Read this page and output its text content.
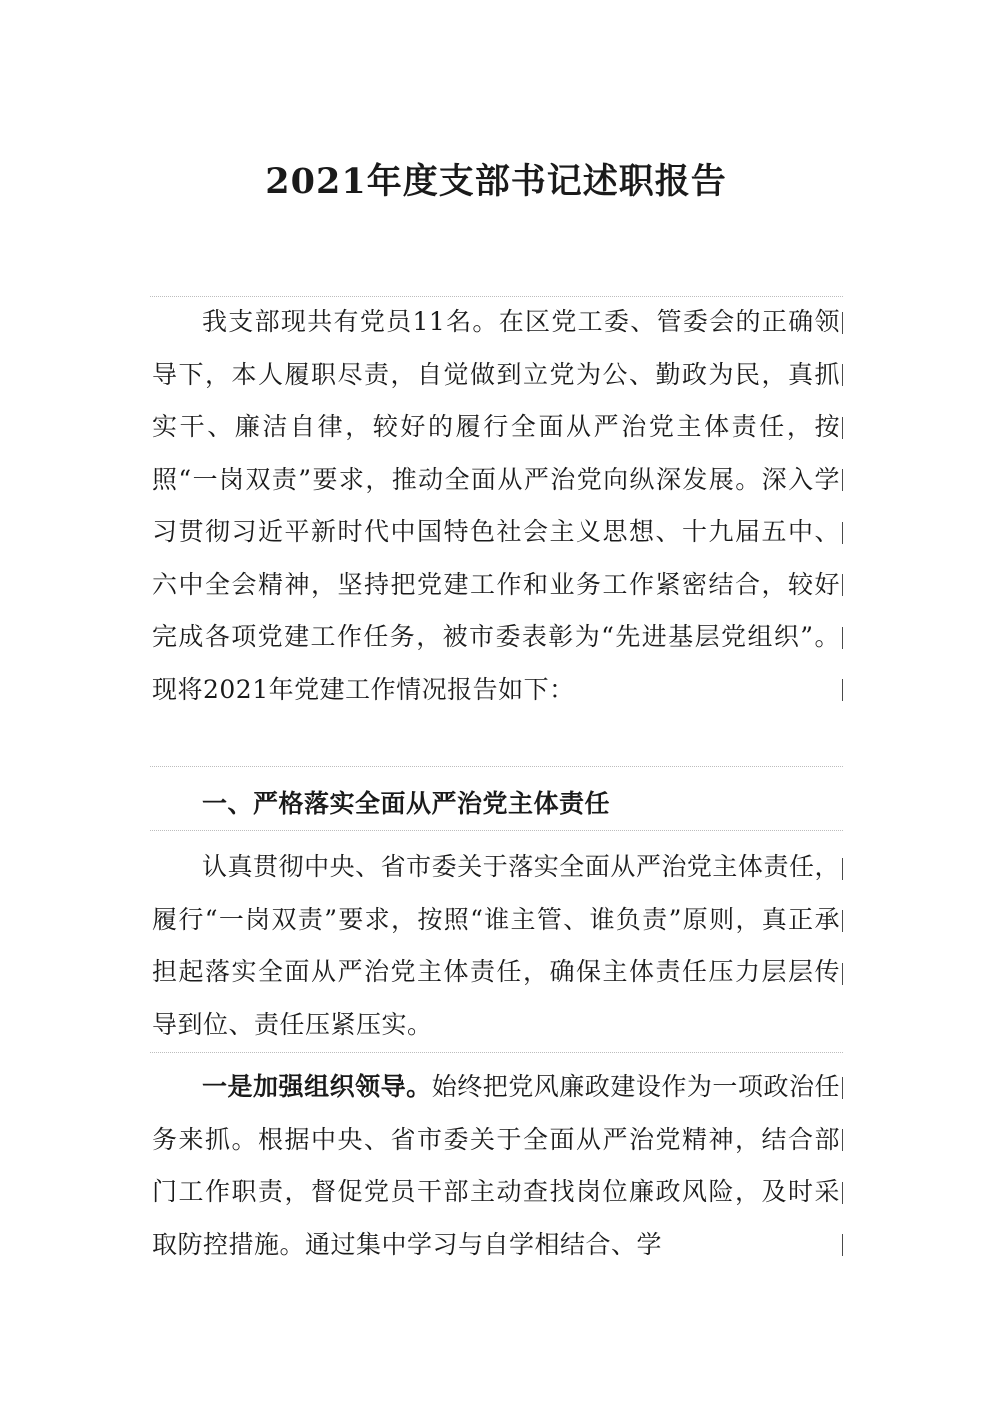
2021年度支部书记述职报告

我支部现共有党员11名。在区党工委、管委会的正确领导下，本人履职尽责，自觉做到立党为公、勤政为民，真抓实干、廉洁自律，较好的履行全面从严治党主体责任，按照“一岗双责”要求，推动全面从严治党向纵深发展。深入学习贯彻习近平新时代中国特色社会主义思想、十九届五中、六中全会精神，坚持把党建工作和业务工作紧密结合，较好完成各项党建工作任务，被市委表彰为“先进基层党组织”。现将2021年党建工作情况报告如下：

一、严格落实全面从严治党主体责任

认真贯彻中央、省市委关于落实全面从严治党主体责任，履行“一岗双责”要求，按照“谁主管、谁负责”原则，真正承担起落实全面从严治党主体责任，确保主体责任压力层层传导到位、责任压紧压实。

一是加强组织领导。始终把党风廉政建设作为一项政治任务来抓。根据中央、省市委关于全面从严治党精神，结合部门工作职责，督促党员干部主动查找岗位廉政风险，及时采取防控措施。通过集中学习与自学相结合、学
